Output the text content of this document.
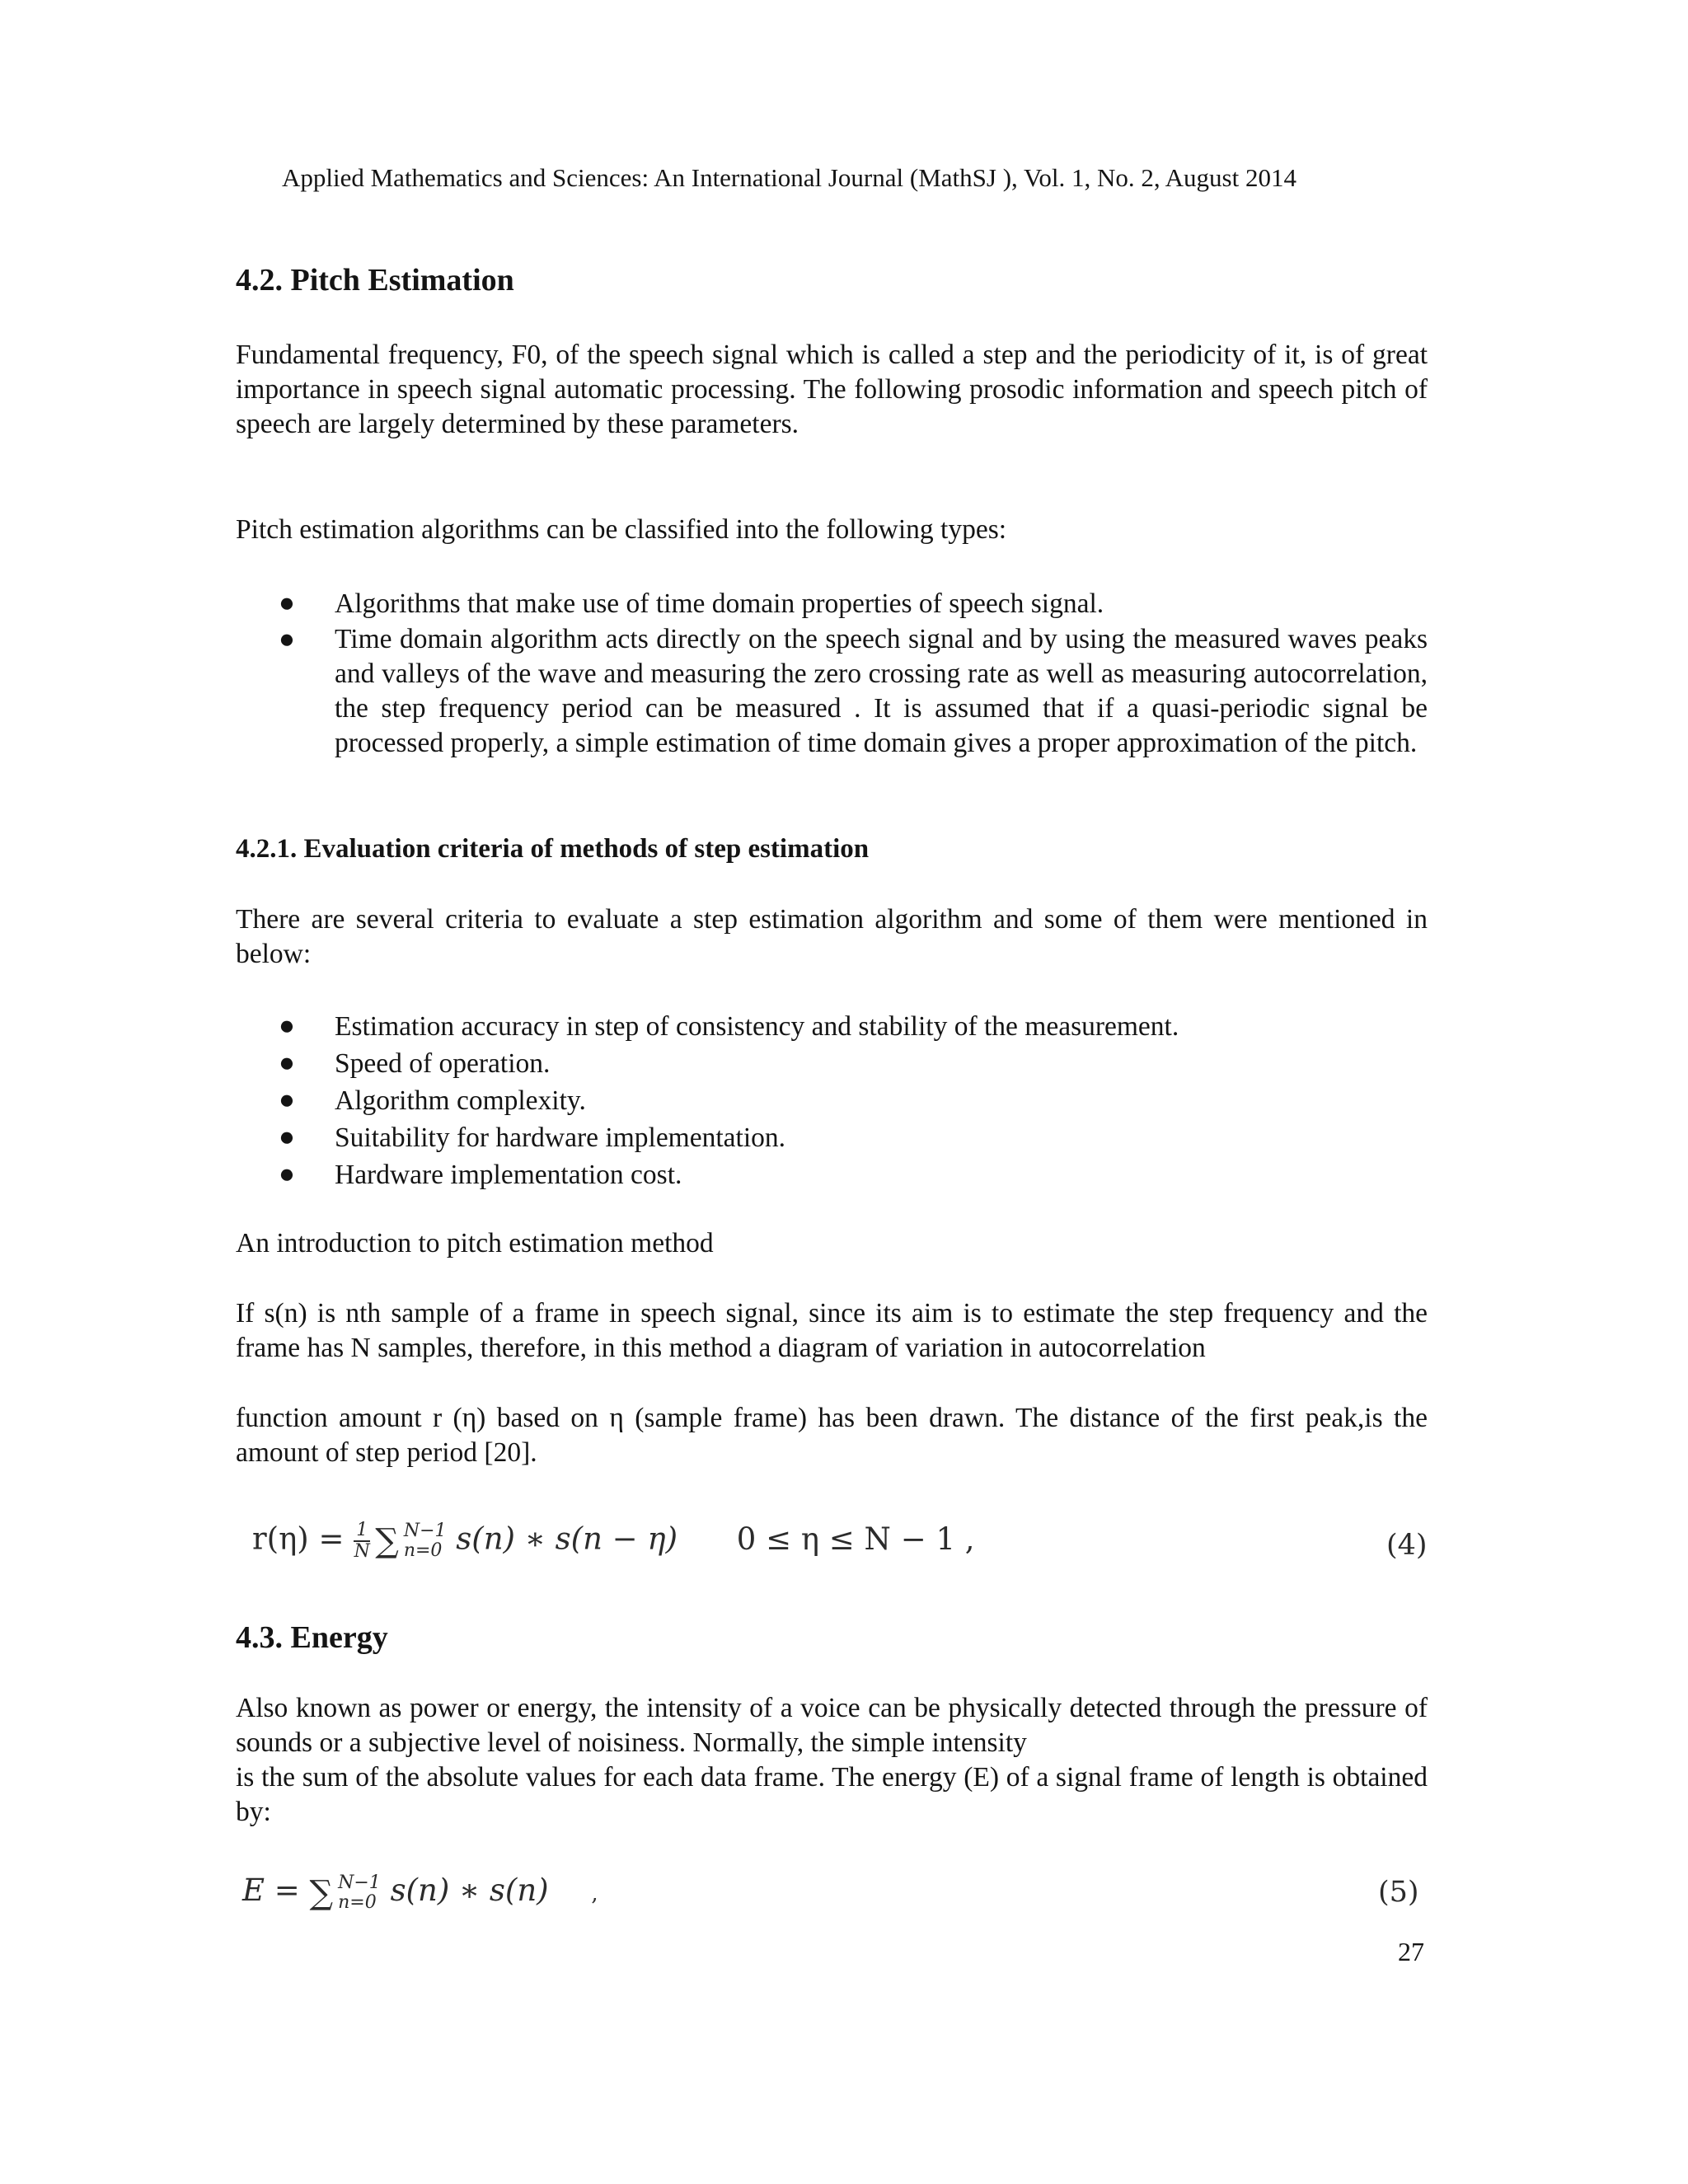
Applied Mathematics and Sciences: An International Journal (MathSJ ), Vol. 1, No. 2, August 2014
4.2. Pitch Estimation
Fundamental frequency, F0, of the speech signal which is called a step and the periodicity of it, is of great importance in speech signal automatic processing. The following prosodic information and speech pitch of speech are largely determined by these parameters.
Pitch estimation algorithms can be classified into the following types:
● Algorithms that make use of time domain properties of speech signal.
● Time domain algorithm acts directly on the speech signal and by using the measured waves peaks and valleys of the wave and measuring the zero crossing rate as well as measuring autocorrelation, the step frequency period can be measured . It is assumed that if a quasi-periodic signal be processed properly, a simple estimation of time domain gives a proper approximation of the pitch.
4.2.1. Evaluation criteria of methods of step estimation
There are several criteria to evaluate a step estimation algorithm and some of them were mentioned in below:
● Estimation accuracy in step of consistency and stability of the measurement.
● Speed of operation.
● Algorithm complexity.
● Suitability for hardware implementation.
● Hardware implementation cost.
An introduction to pitch estimation method
If s(n) is nth sample of a frame in speech signal, since its aim is to estimate the step frequency and the frame has N samples, therefore, in this method a diagram of variation in autocorrelation
function amount r (η) based on η (sample frame) has been drawn. The distance of the first peak,is the amount of step period [20].
$r(\eta) = \frac{1}{N}$ ∑ N−1
n=0 s(n) ∗ s(n − η) 0 ≤ η ≤ N − 1 ,	(4)
4.3. Energy
Also known as power or energy, the intensity of a voice can be physically detected through the pressure of sounds or a subjective level of noisiness. Normally, the simple intensity
is the sum of the absolute values for each data frame. The energy (E) of a signal frame of length is obtained by:
E = ∑ N−1
n=0 s(n) ∗ s(n) ,	(5)
27
